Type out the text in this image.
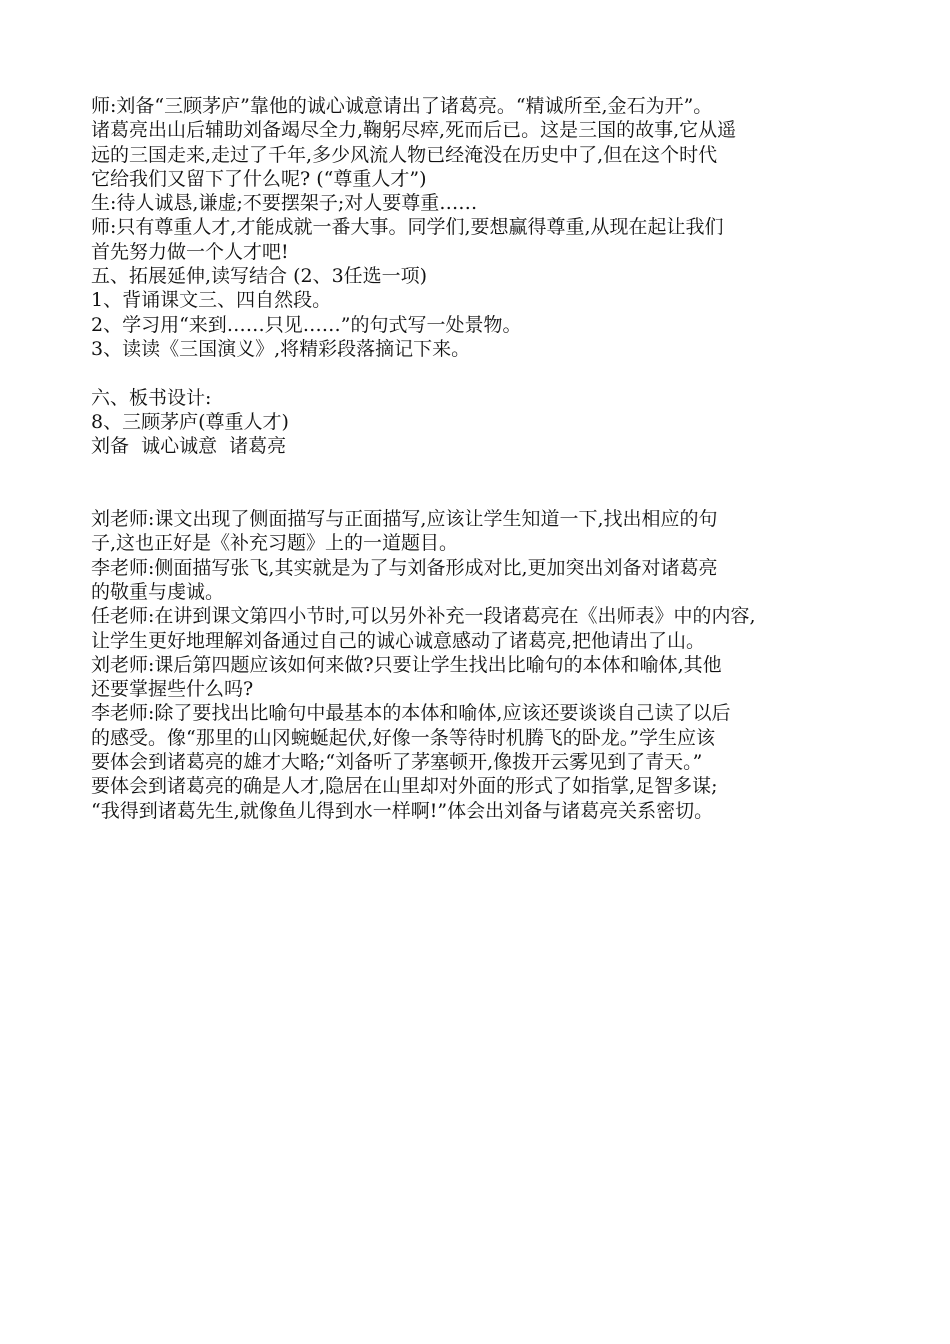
师:刘备“三顾茅庐”靠他的诚心诚意请出了诸葛亮。“精诚所至,金石为开”。
诸葛亮出山后辅助刘备竭尽全力,鞠躬尽瘁,死而后已。这是三国的故事,它从遥
远的三国走来,走过了千年,多少风流人物已经淹没在历史中了,但在这个时代
它给我们又留下了什么呢? (“尊重人才”)
生:待人诚恳,谦虚;不要摆架子;对人要尊重……
师:只有尊重人才,才能成就一番大事。同学们,要想赢得尊重,从现在起让我们
首先努力做一个人才吧!
五、拓展延伸,读写结合 (2、3任选一项)
1、背诵课文三、四自然段。
2、学习用“来到……只见……”的句式写一处景物。
3、读读《三国演义》,将精彩段落摘记下来。
六、板书设计:
8、三顾茅庐(尊重人才)
刘备  诚心诚意  诸葛亮
刘老师:课文出现了侧面描写与正面描写,应该让学生知道一下,找出相应的句
子,这也正好是《补充习题》上的一道题目。
李老师:侧面描写张飞,其实就是为了与刘备形成对比,更加突出刘备对诸葛亮
的敬重与虔诚。
任老师:在讲到课文第四小节时,可以另外补充一段诸葛亮在《出师表》中的内容,
让学生更好地理解刘备通过自己的诚心诚意感动了诸葛亮,把他请出了山。
刘老师:课后第四题应该如何来做?只要让学生找出比喻句的本体和喻体,其他
还要掌握些什么吗?
李老师:除了要找出比喻句中最基本的本体和喻体,应该还要谈谈自己读了以后
的感受。像“那里的山冈蜿蜒起伏,好像一条等待时机腾飞的卧龙。”学生应该
要体会到诸葛亮的雄才大略;“刘备听了茅塞顿开,像拨开云雾见到了青天。”
要体会到诸葛亮的确是人才,隐居在山里却对外面的形式了如指掌,足智多谋;
“我得到诸葛先生,就像鱼儿得到水一样啊!”体会出刘备与诸葛亮关系密切。
